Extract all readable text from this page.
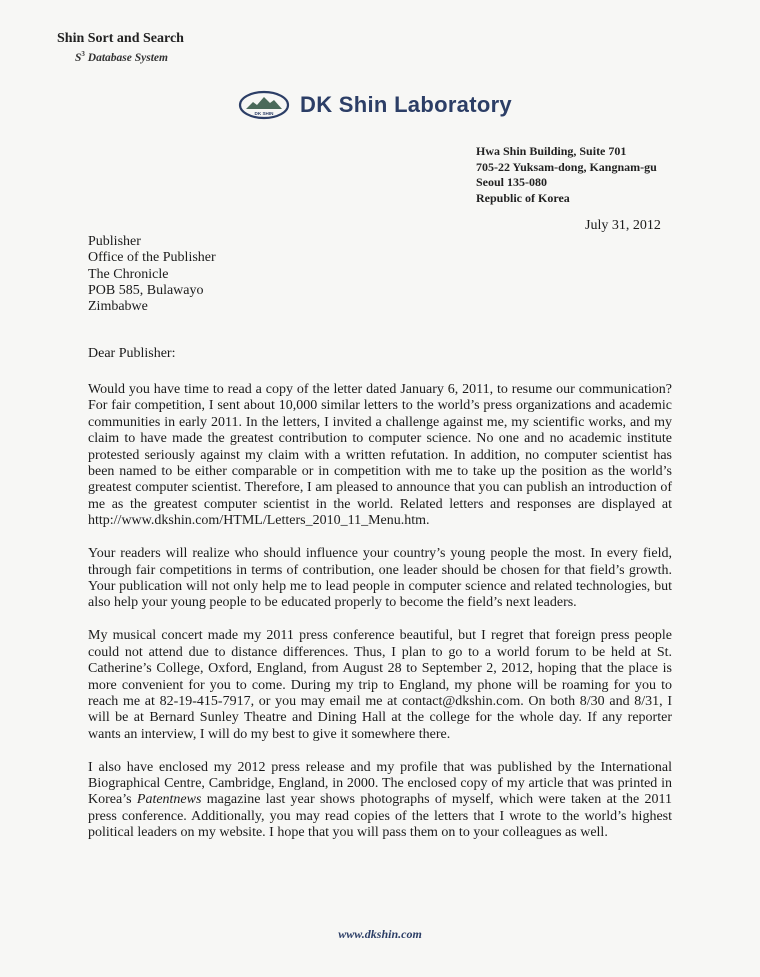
Shin Sort and Search
$S^3$ Database System
DK SHIN DK Shin Laboratory
Hwa Shin Building, Suite 701
705-22 Yuksam-dong, Kangnam-gu
Seoul 135-080
Republic of Korea
July 31, 2012
Publisher
Office of the Publisher
The Chronicle
POB 585, Bulawayo
Zimbabwe
Dear Publisher:

Would you have time to read a copy of the letter dated January 6, 2011, to resume our communication? For fair competition, I sent about 10,000 similar letters to the world’s press organizations and academic communities in early 2011. In the letters, I invited a challenge against me, my scientific works, and my claim to have made the greatest contribution to computer science. No one and no academic institute protested seriously against my claim with a written refutation. In addition, no computer scientist has been named to be either comparable or in competition with me to take up the position as the world’s greatest computer scientist. Therefore, I am pleased to announce that you can publish an introduction of me as the greatest computer scientist in the world. Related letters and responses are displayed at http://www.dkshin.com/HTML/Letters_2010_11_Menu.htm.

Your readers will realize who should influence your country’s young people the most. In every field, through fair competitions in terms of contribution, one leader should be chosen for that field’s growth. Your publication will not only help me to lead people in computer science and related technologies, but also help your young people to be educated properly to become the field’s next leaders.

My musical concert made my 2011 press conference beautiful, but I regret that foreign press people could not attend due to distance differences. Thus, I plan to go to a world forum to be held at St. Catherine’s College, Oxford, England, from August 28 to September 2, 2012, hoping that the place is more convenient for you to come. During my trip to England, my phone will be roaming for you to reach me at 82-19-415-7917, or you may email me at contact@dkshin.com. On both 8/30 and 8/31, I will be at Bernard Sunley Theatre and Dining Hall at the college for the whole day. If any reporter wants an interview, I will do my best to give it somewhere there.

I also have enclosed my 2012 press release and my profile that was published by the International Biographical Centre, Cambridge, England, in 2000. The enclosed copy of my article that was printed in Korea’s Patentnews magazine last year shows photographs of myself, which were taken at the 2011 press conference. Additionally, you may read copies of the letters that I wrote to the world’s highest political leaders on my website. I hope that you will pass them on to your colleagues as well.

www.dkshin.com
